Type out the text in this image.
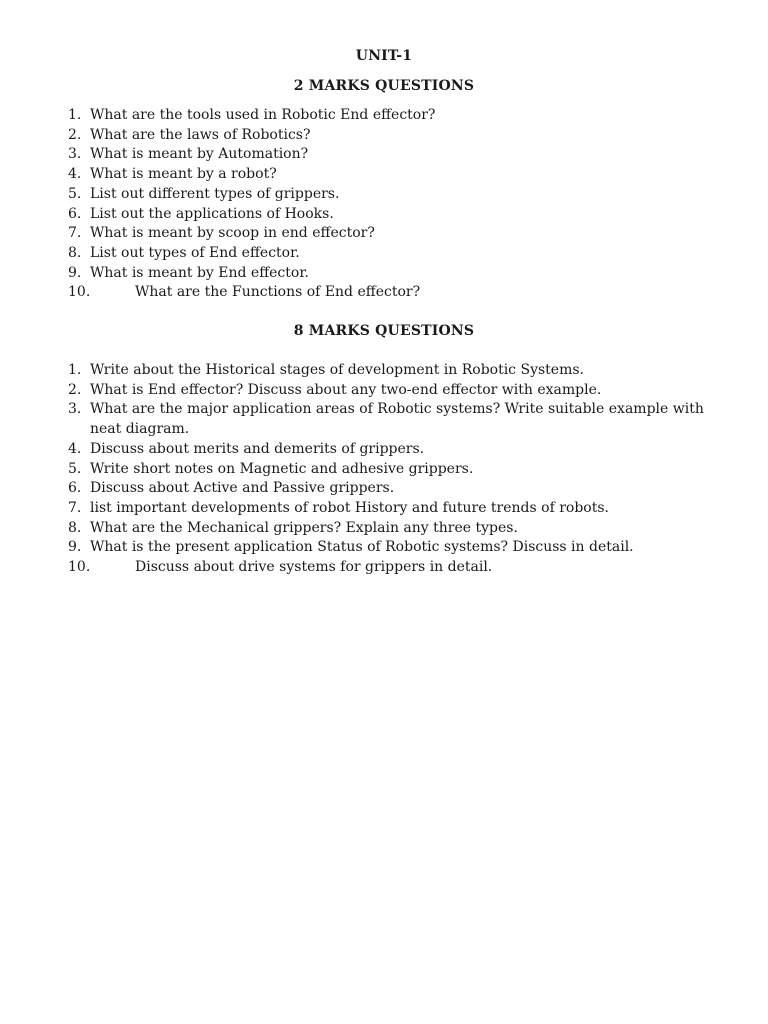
UNIT-1
2 MARKS QUESTIONS
1. What are the tools used in Robotic End effector?
2. What are the laws of Robotics?
3. What is meant by Automation?
4. What is meant by a robot?
5. List out different types of grippers.
6. List out the applications of Hooks.
7. What is meant by scoop in end effector?
8. List out types of End effector.
9. What is meant by End effector.
10.	What are the Functions of End effector?
8 MARKS QUESTIONS
1. Write about the Historical stages of development in Robotic Systems.
2. What is End effector? Discuss about any two-end effector with example.
3. What are the major application areas of Robotic systems? Write suitable example with neat diagram.
4. Discuss about merits and demerits of grippers.
5. Write short notes on Magnetic and adhesive grippers.
6. Discuss about Active and Passive grippers.
7. list important developments of robot History and future trends of robots.
8. What are the Mechanical grippers? Explain any three types.
9. What is the present application Status of Robotic systems? Discuss in detail.
10.	Discuss about drive systems for grippers in detail.
